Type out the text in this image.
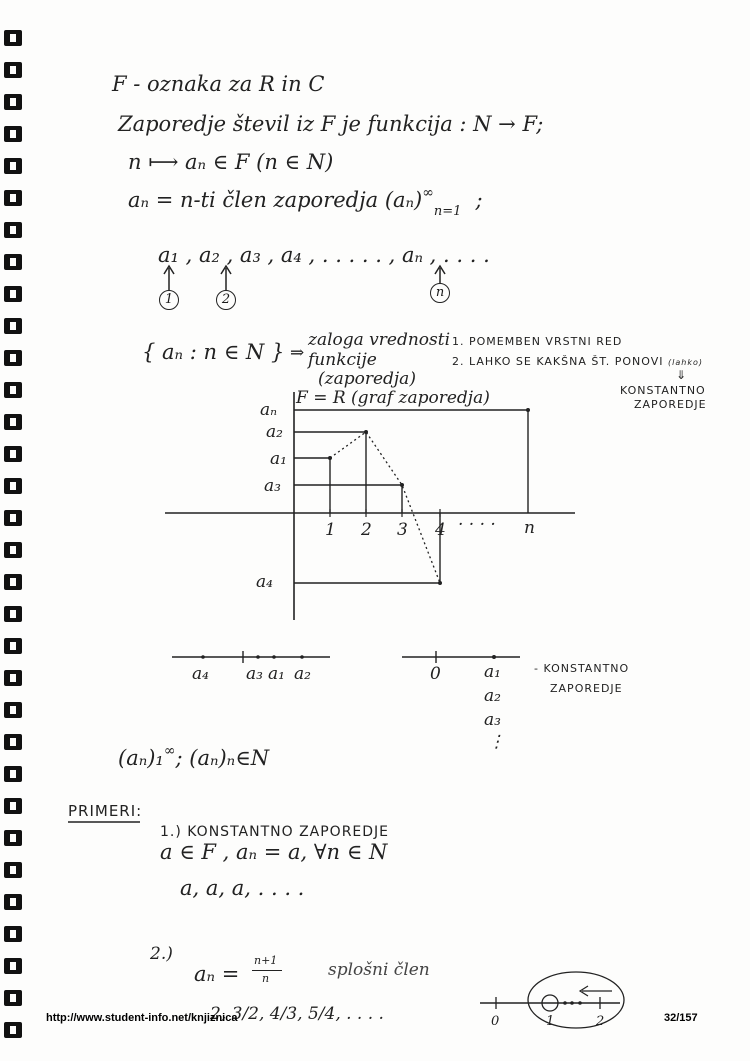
F - oznaka za R in C
Zaporedje števil iz F je funkcija : N → F;
n ⟼ aₙ ∈ F (n ∈ N)
aₙ = n-ti člen zaporedja $(a_n)^\infty_{n=1}$ ;
a₁ , a₂ , a₃ , a₄ , . . . . . , aₙ , . . . .
1	2	n
{ aₙ : n ∈ N } ⇒
zaloga vrednosti
funkcije
(zaporedja)
1. POMEMBEN VRSTNI RED
2. LAHKO SE KAKŠNA ŠT. PONOVI (lahko)
⇓
KONSTANTNO
ZAPOREDJE
F = R (graf zaporedja)
aₙ
a₂
a₁
a₃
a₄
1 2 3 4 . . . . n
a₄ a₃ a₁ a₂	0	a₁
a₂
a₃
⋮
- KONSTANTNO
ZAPOREDJE
(aₙ)₁∞; (aₙ)ₙ∈N
PRIMERI:
1.) KONSTANTNO ZAPOREDJE
a ∈ F , aₙ = a, ∀n ∈ N
a, a, a, . . . .
2.)
aₙ =
n+1
n	splošni člen
2, 3/2, 4/3, 5/4, . . . .	0	1	2
http://www.student-info.net/knjiznica	32/157
